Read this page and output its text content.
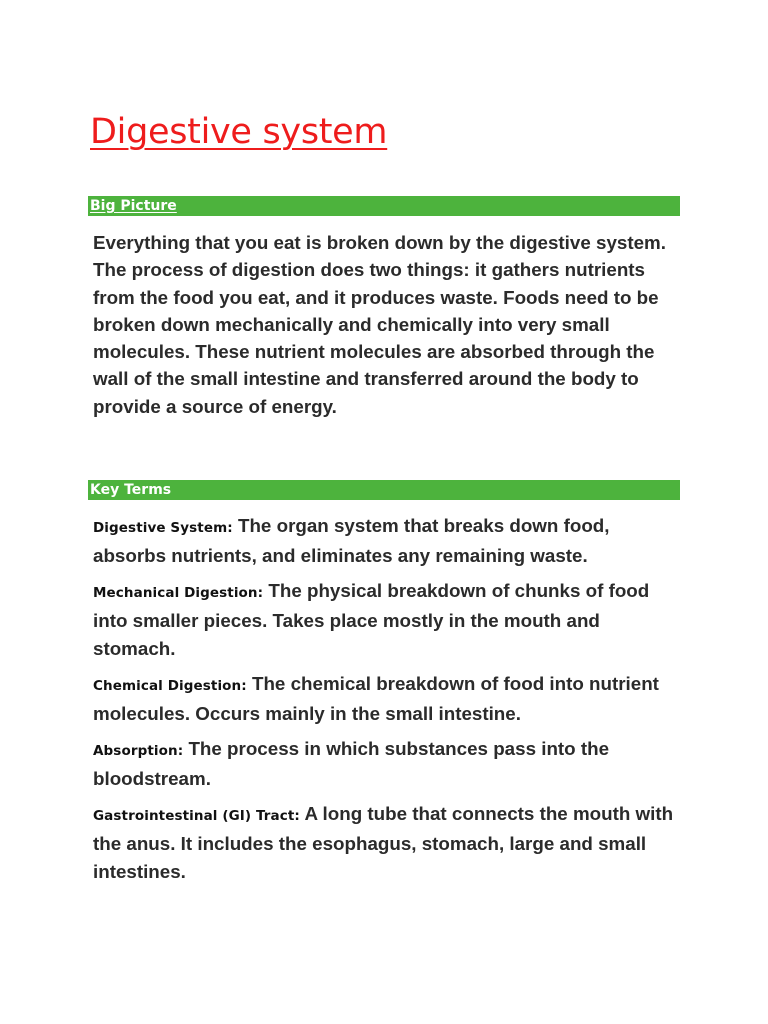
Digestive system
Big Picture

Everything that you eat is broken down by the digestive system. The process of digestion does two things: it gathers nutrients from the food you eat, and it produces waste. Foods need to be broken down mechanically and chemically into very small molecules. These nutrient molecules are absorbed through the wall of the small intestine and transferred around the body to provide a source of energy.

Key Terms

Digestive System: The organ system that breaks down food, absorbs nutrients, and eliminates any remaining waste.

Mechanical Digestion: The physical breakdown of chunks of food into smaller pieces. Takes place mostly in the mouth and stomach.

Chemical Digestion: The chemical breakdown of food into nutrient molecules. Occurs mainly in the small intestine.

Absorption: The process in which substances pass into the bloodstream.

Gastrointestinal (GI) Tract: A long tube that connects the mouth with the anus. It includes the esophagus, stomach, large and small intestines.
